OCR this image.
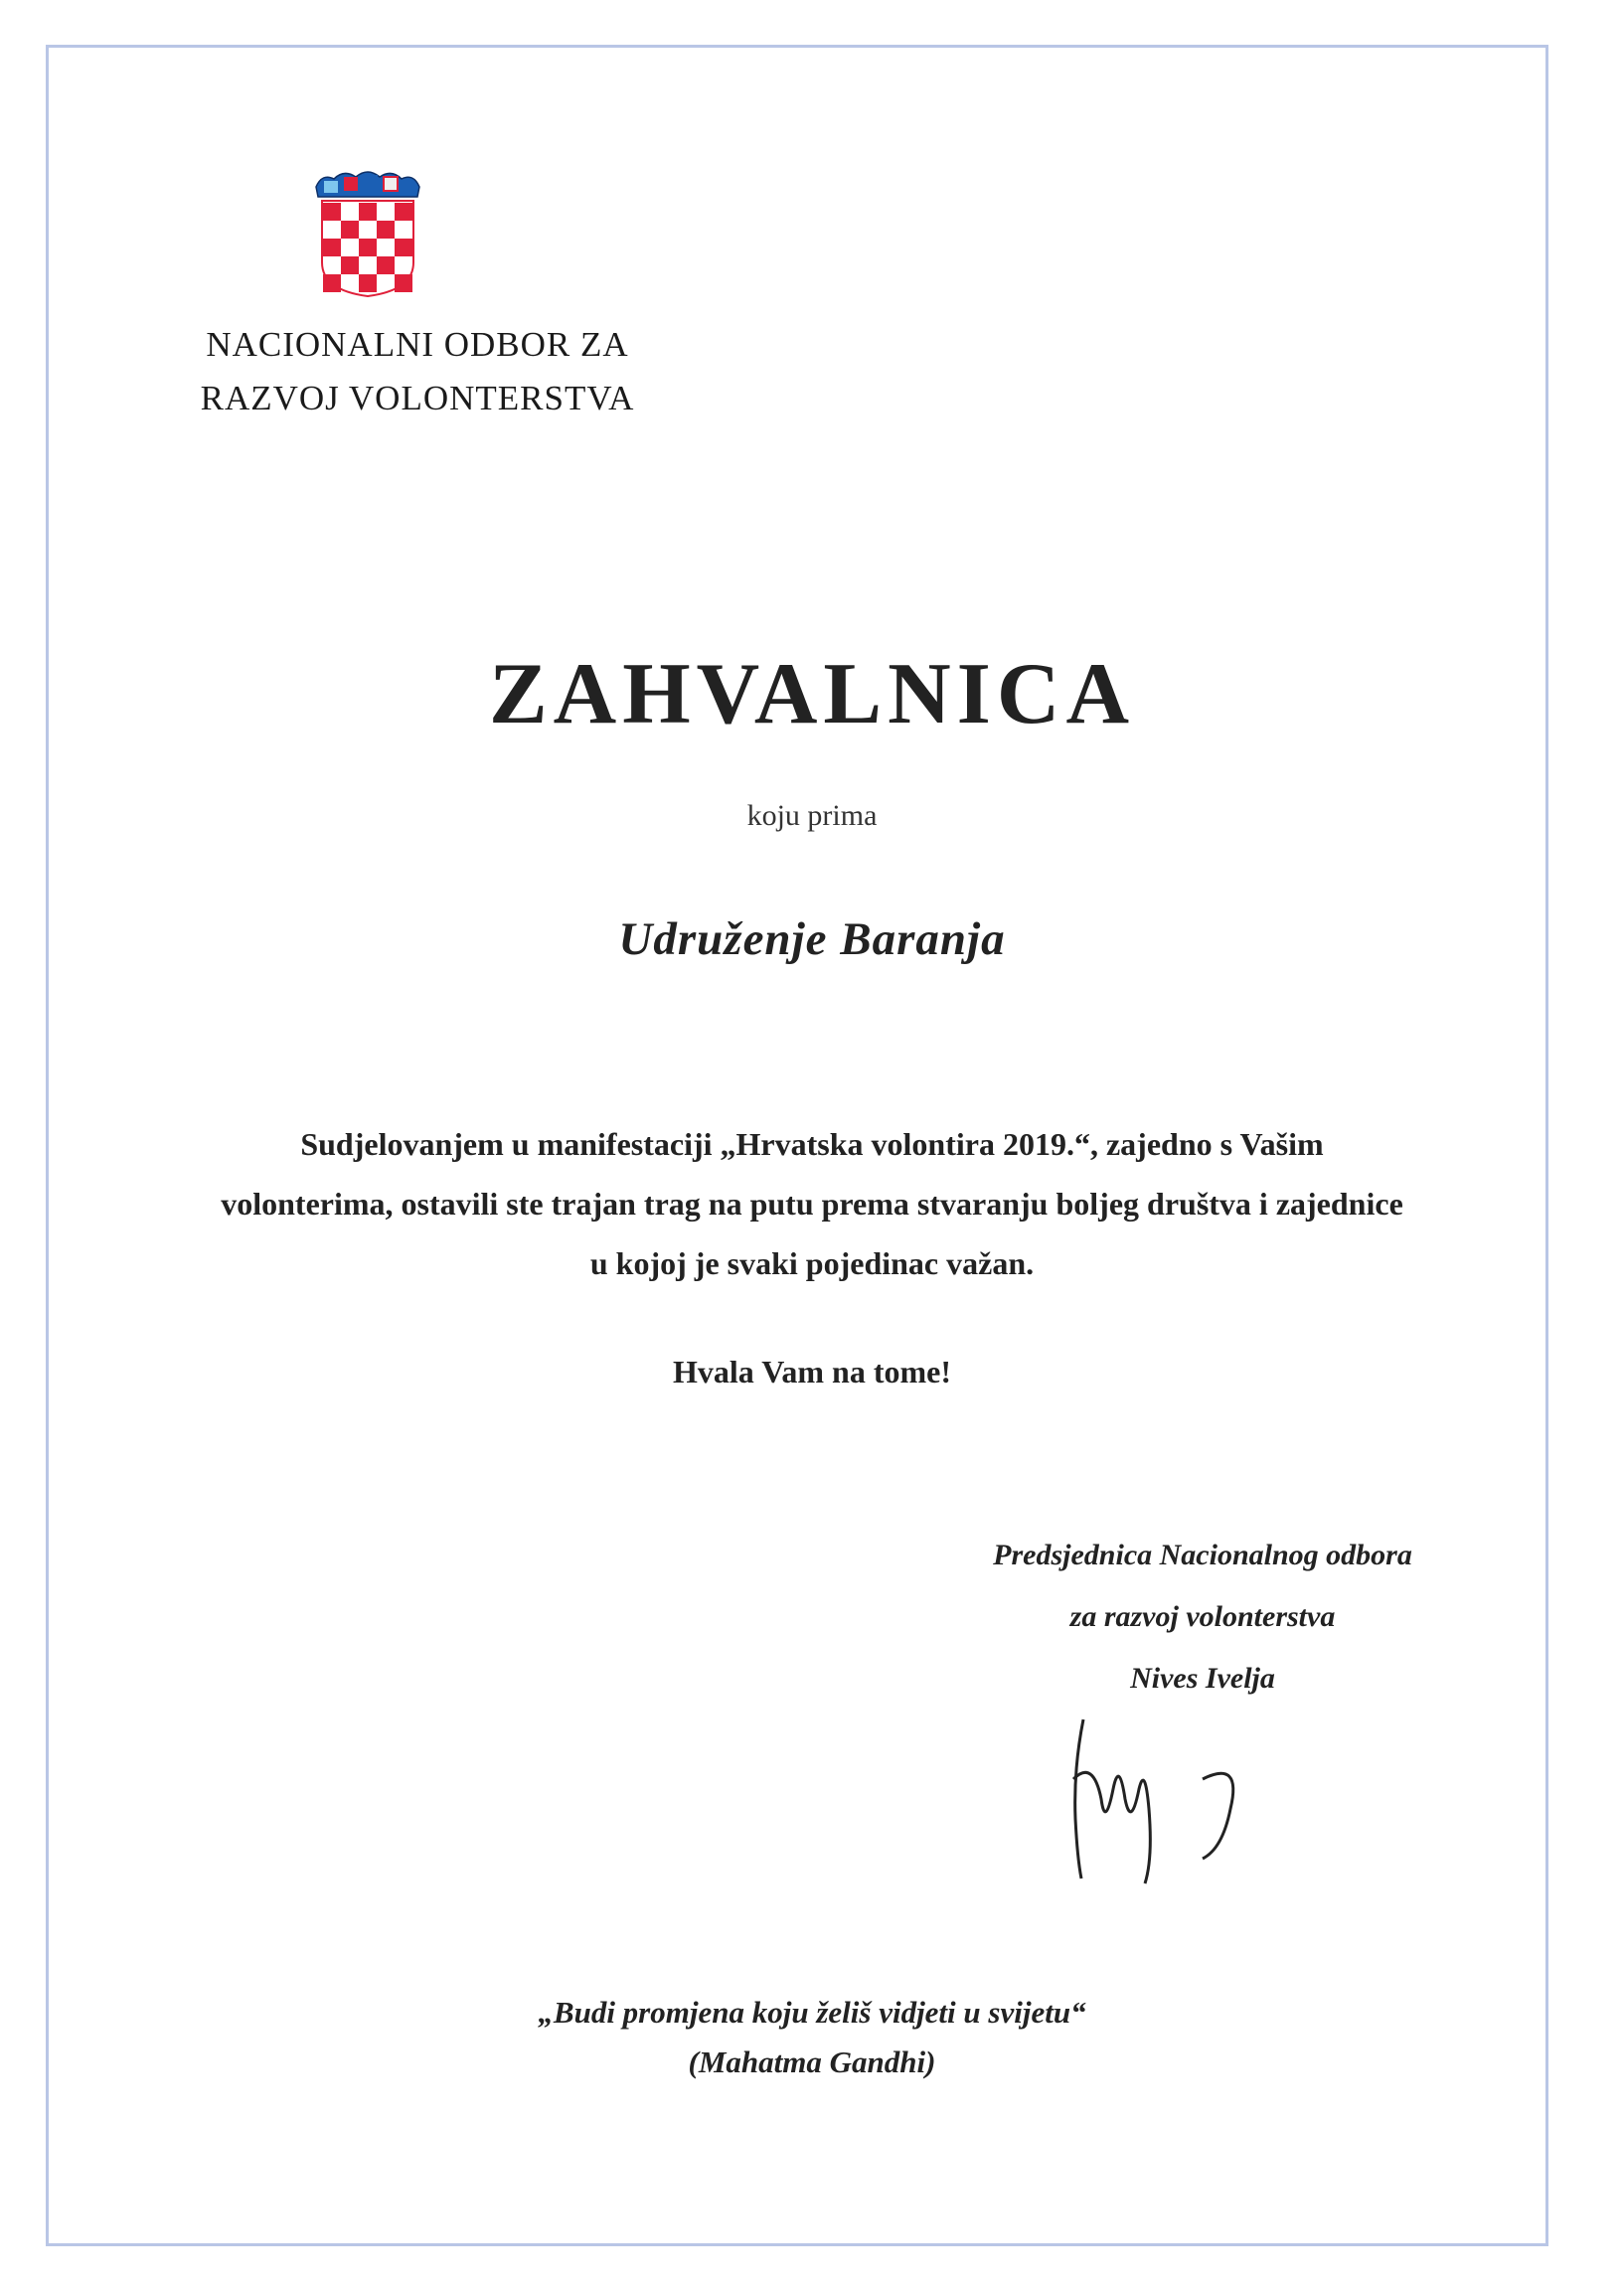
NACIONALNI ODBOR ZA
RAZVOJ VOLONTERSTVA
ZAHVALNICA
koju prima
Udruženje Baranja
Sudjelovanjem u manifestaciji „Hrvatska volontira 2019.“, zajedno s Vašim
volonterima, ostavili ste trajan trag na putu prema stvaranju boljeg društva i zajednice
u kojoj je svaki pojedinac važan.
Hvala Vam na tome!
Predsjednica Nacionalnog odbora
za razvoj volonterstva
Nives Ivelja
„Budi promjena koju želiš vidjeti u svijetu“
(Mahatma Gandhi)
